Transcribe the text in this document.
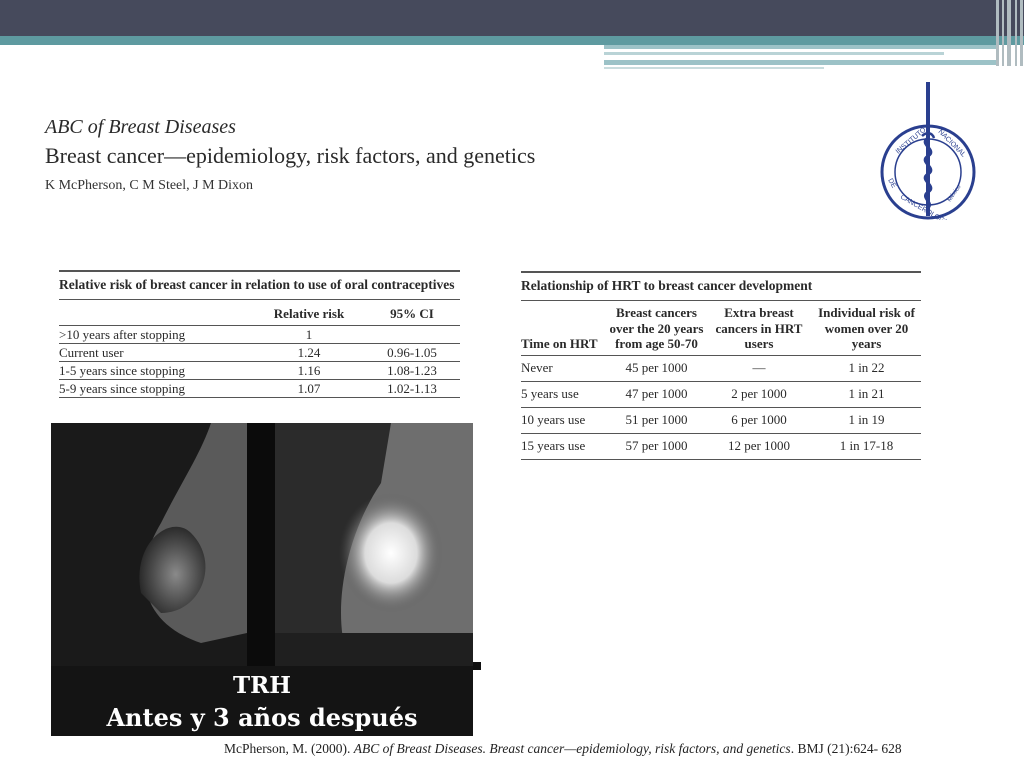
ABC of Breast Diseases
Breast cancer—epidemiology, risk factors, and genetics
K McPherson, C M Steel, J M Dixon
INSTITUTO NACIONAL
DE
CANCEROLOGIA
México
Relative risk of breast cancer in relation to use of oral contraceptives
	Relative risk	95% CI
>10 years after stopping	1	
Current user	1.24	0.96-1.05
1-5 years since stopping	1.16	1.08-1.23
5-9 years since stopping	1.07	1.02-1.13
Relationship of HRT to breast cancer development
Time on HRT	Breast cancers over the 20 years from age 50-70	Extra breast cancers in HRT users	Individual risk of women over 20 years
Never	45 per 1000	—	1 in 22
5 years use	47 per 1000	2 per 1000	1 in 21
10 years use	51 per 1000	6 per 1000	1 in 19
15 years use	57 per 1000	12 per 1000	1 in 17-18
TRH
Antes y 3 años después
McPherson, M. (2000). ABC of Breast Diseases. Breast cancer—epidemiology, risk factors, and genetics. BMJ (21):624- 628
